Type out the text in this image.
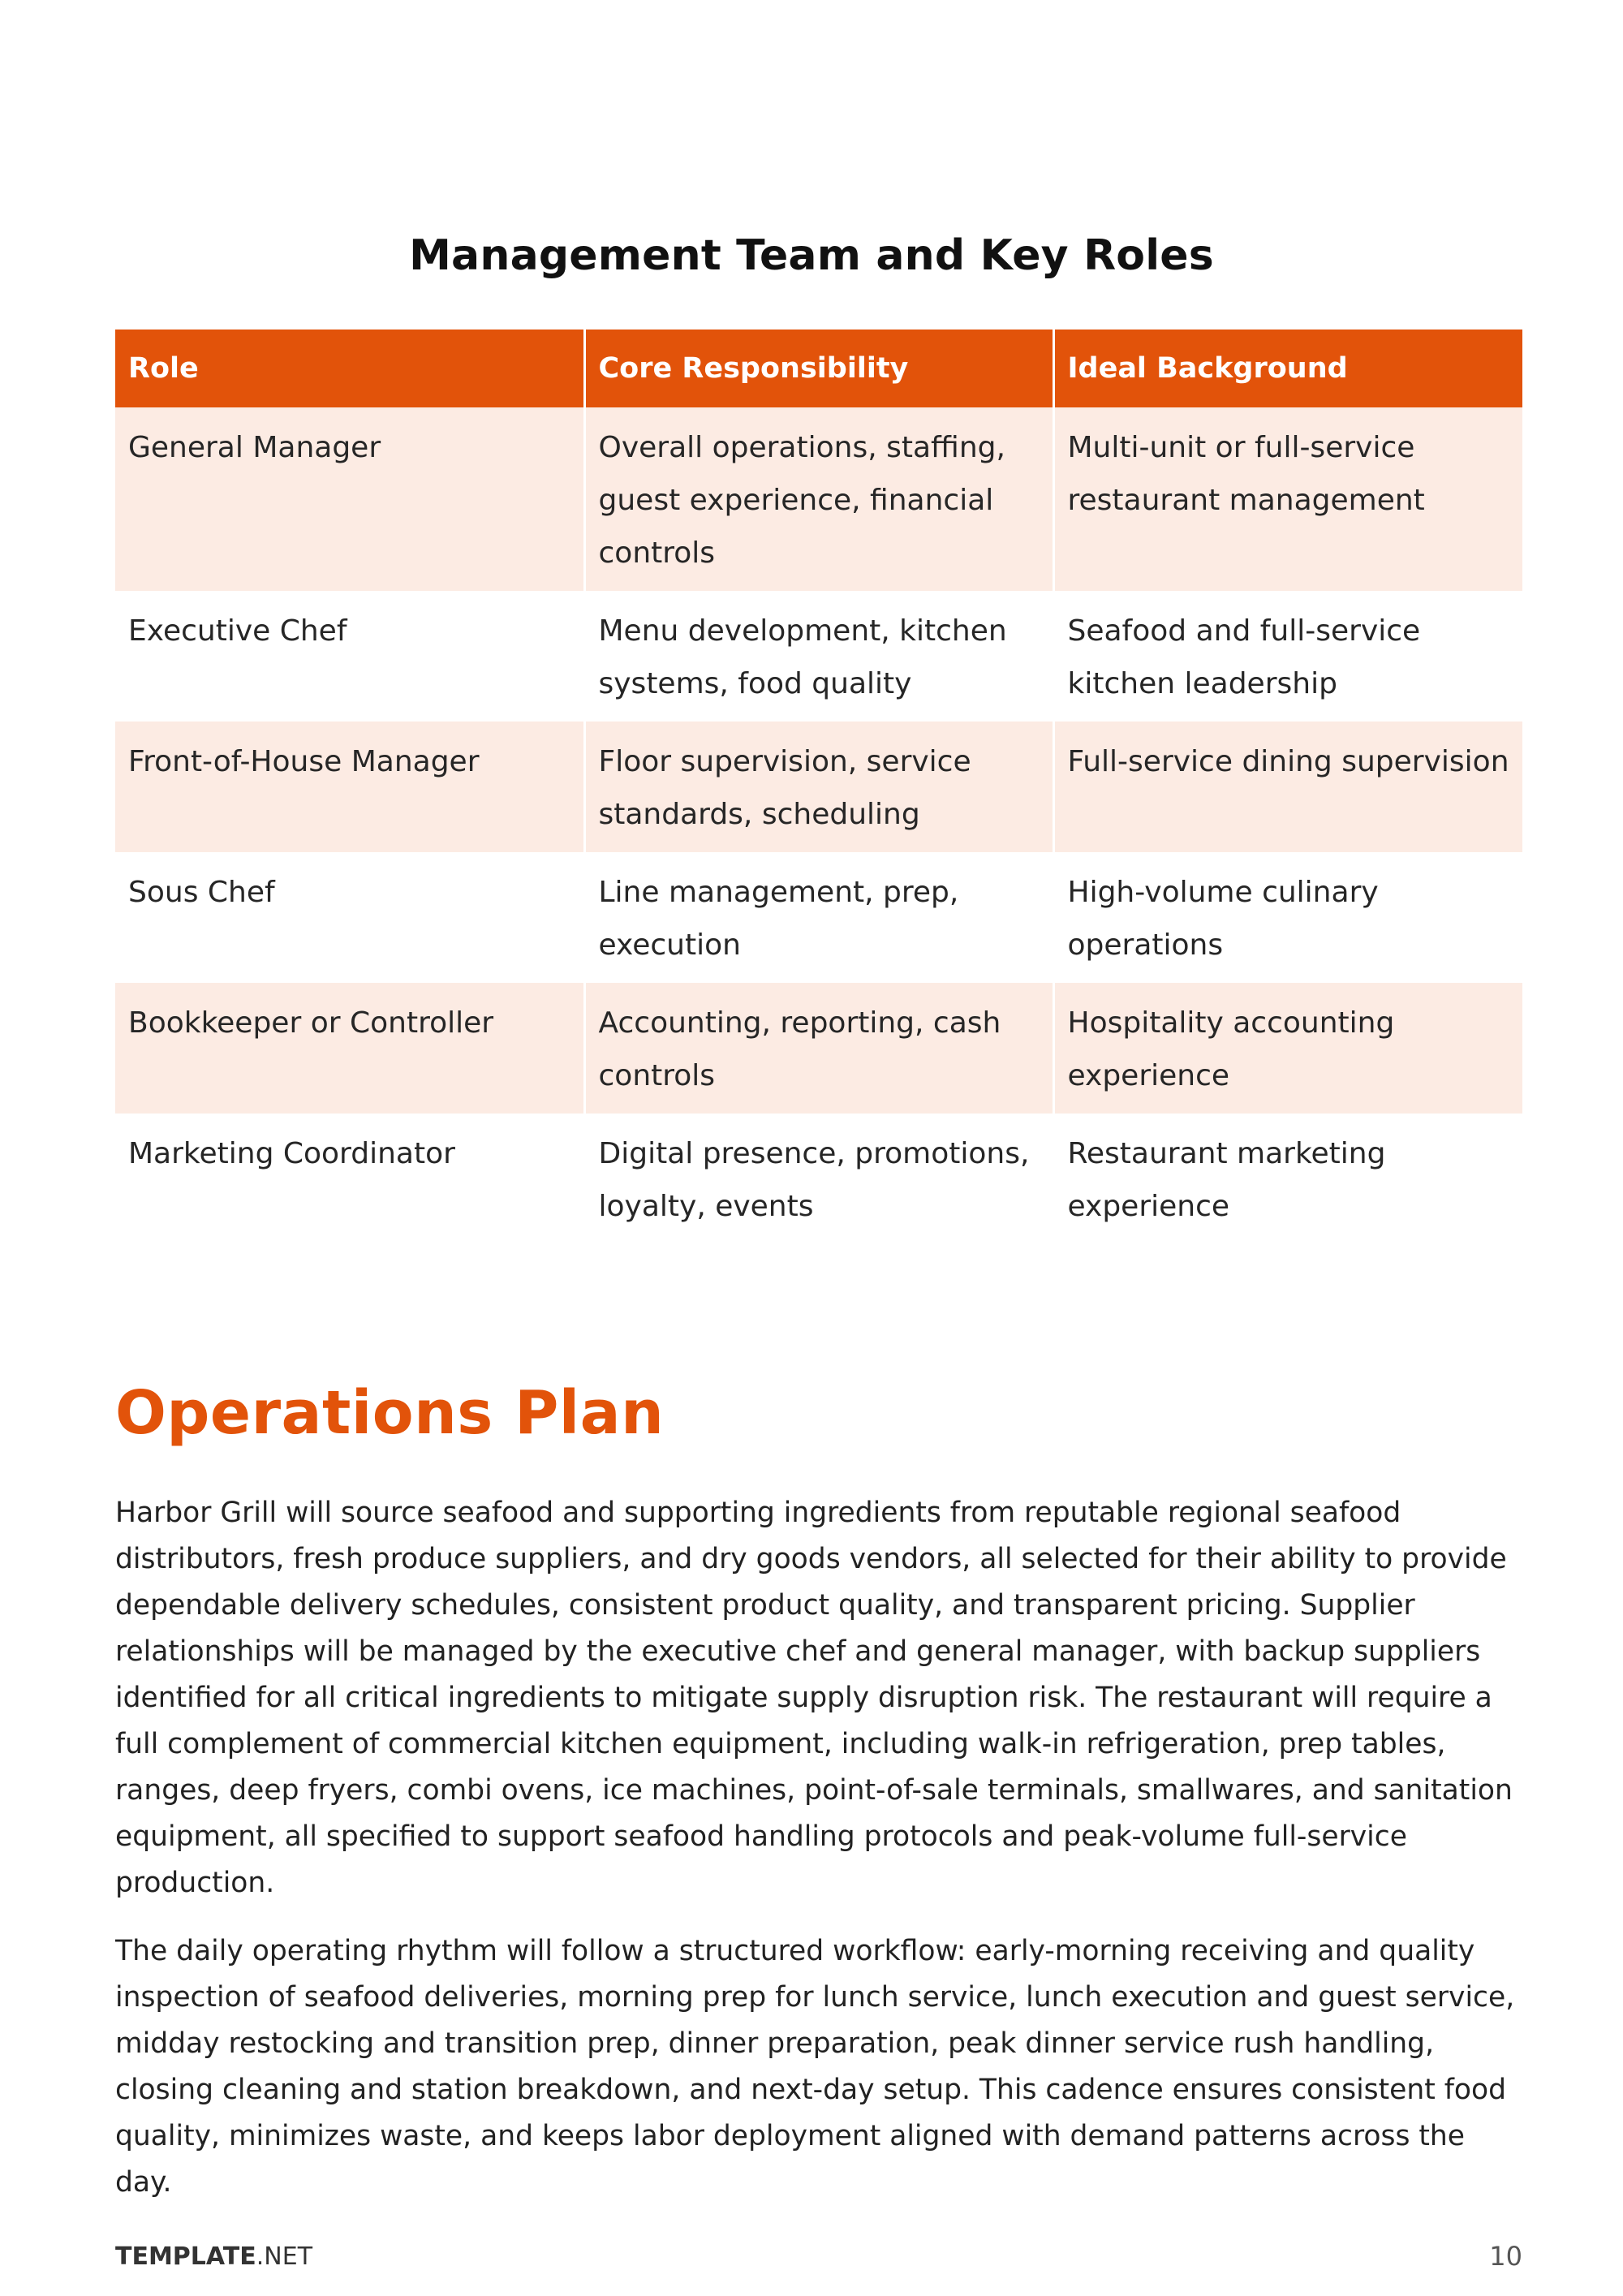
Management Team and Key Roles
Role	Core Responsibility	Ideal Background
General Manager	Overall operations, staffing, guest experience, financial controls	Multi-unit or full-service restaurant management
Executive Chef	Menu development, kitchen systems, food quality	Seafood and full-service kitchen leadership
Front-of-House Manager	Floor supervision, service standards, scheduling	Full-service dining supervision
Sous Chef	Line management, prep, execution	High-volume culinary operations
Bookkeeper or Controller	Accounting, reporting, cash controls	Hospitality accounting experience
Marketing Coordinator	Digital presence, promotions, loyalty, events	Restaurant marketing experience
Operations Plan

Harbor Grill will source seafood and supporting ingredients from reputable regional seafood distributors, fresh produce suppliers, and dry goods vendors, all selected for their ability to provide dependable delivery schedules, consistent product quality, and transparent pricing. Supplier relationships will be managed by the executive chef and general manager, with backup suppliers identified for all critical ingredients to mitigate supply disruption risk. The restaurant will require a full complement of commercial kitchen equipment, including walk-in refrigeration, prep tables, ranges, deep fryers, combi ovens, ice machines, point-of-sale terminals, smallwares, and sanitation equipment, all specified to support seafood handling protocols and peak-volume full-service production.

The daily operating rhythm will follow a structured workflow: early-morning receiving and quality inspection of seafood deliveries, morning prep for lunch service, lunch execution and guest service, midday restocking and transition prep, dinner preparation, peak dinner service rush handling, closing cleaning and station breakdown, and next-day setup. This cadence ensures consistent food quality, minimizes waste, and keeps labor deployment aligned with demand patterns across the day.

TEMPLATE.NET	10
